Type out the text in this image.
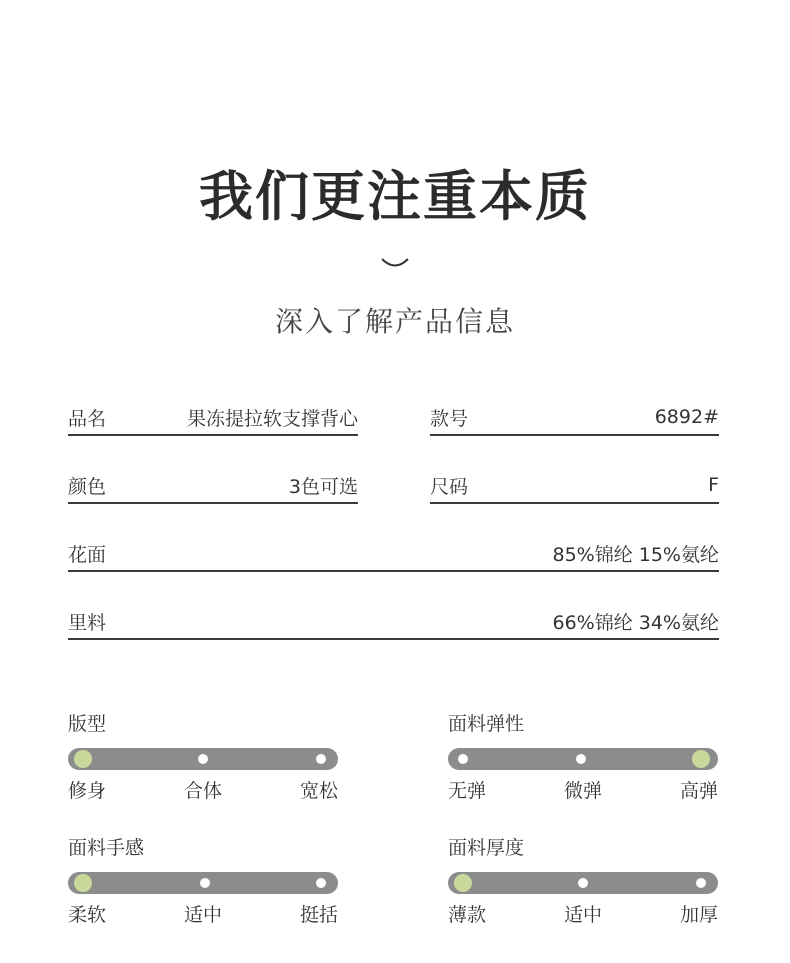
我们更注重本质
深入了解产品信息
品名	果冻提拉软支撑背心	款号	6892#
颜色	3色可选	尺码	F
花面	85%锦纶 15%氨纶
里料	66%锦纶 34%氨纶
版型
修身	合体	宽松
面料弹性
无弹	微弹	高弹
面料手感
柔软	适中	挺括
面料厚度
薄款	适中	加厚
